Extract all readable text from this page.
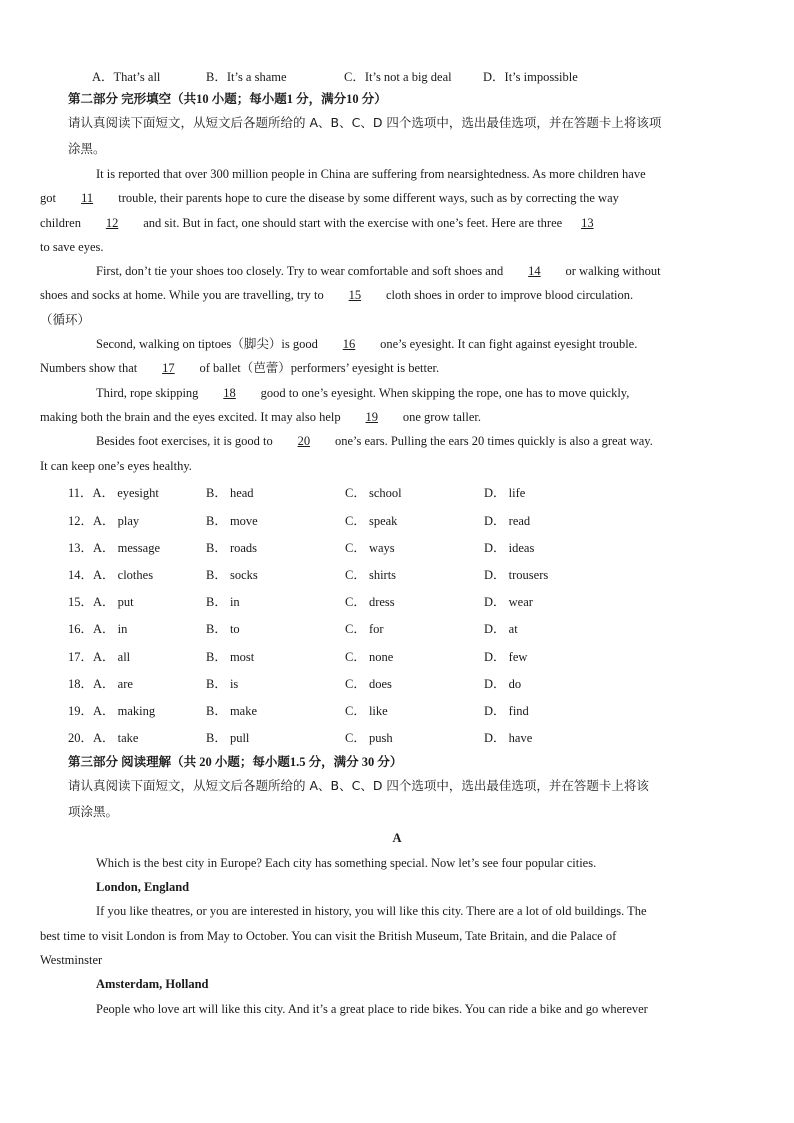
A．That’s all	B．It’s a shame	C．It’s not a big deal	D．It’s impossible
第二部分 完形填空（共10 小题；每小题1 分，满分10 分）
请认真阅读下面短文，从短文后各题所给的 A、B、C、D 四个选项中，选出最佳选项，并在答题卡上将该项
涂黑。
It is reported that over 300 million people in China are suffering from nearsightedness. As more children have
got 11 trouble, their parents hope to cure the disease by some different ways, such as by correcting the way
children 12 and sit. But in fact, one should start with the exercise with one’s feet. Here are three 13
to save eyes.
First, don’t tie your shoes too closely. Try to wear comfortable and soft shoes and 14 or walking without
shoes and socks at home. While you are travelling, try to 15 cloth shoes in order to improve blood circulation.
（循环）
Second, walking on tiptoes（脚尖）is good 16 one’s eyesight. It can fight against eyesight trouble.
Numbers show that 17 of ballet（芭蕾）performers’ eyesight is better.
Third, rope skipping 18 good to one’s eyesight. When skipping the rope, one has to move quickly,
making both the brain and the eyes excited. It may also help 19 one grow taller.
Besides foot exercises, it is good to 20 one’s ears. Pulling the ears 20 times quickly is also a great way.
It can keep one’s eyes healthy.
11．A． eyesight	B． head	C． school	D． life
12．A． play	B． move	C． speak	D． read
13．A． message	B． roads	C． ways	D． ideas
14．A． clothes	B． socks	C． shirts	D． trousers
15．A． put	B． in	C． dress	D． wear
16．A． in	B． to	C． for	D． at
17．A． all	B． most	C． none	D． few
18．A． are	B． is	C． does	D． do
19．A． making	B． make	C． like	D． find
20．A． take	B． pull	C． push	D． have
第三部分 阅读理解（共 20 小题；每小题1.5 分，满分 30 分）
请认真阅读下面短文，从短文后各题所给的 A、B、C、D 四个选项中，选出最佳选项，并在答题卡上将该
项涂黑。
A
Which is the best city in Europe? Each city has something special. Now let’s see four popular cities.
London, England
If you like theatres, or you are interested in history, you will like this city. There are a lot of old buildings. The
best time to visit London is from May to October. You can visit the British Museum, Tate Britain, and die Palace of
Westminster
Amsterdam, Holland
People who love art will like this city. And it’s a great place to ride bikes. You can ride a bike and go wherever
